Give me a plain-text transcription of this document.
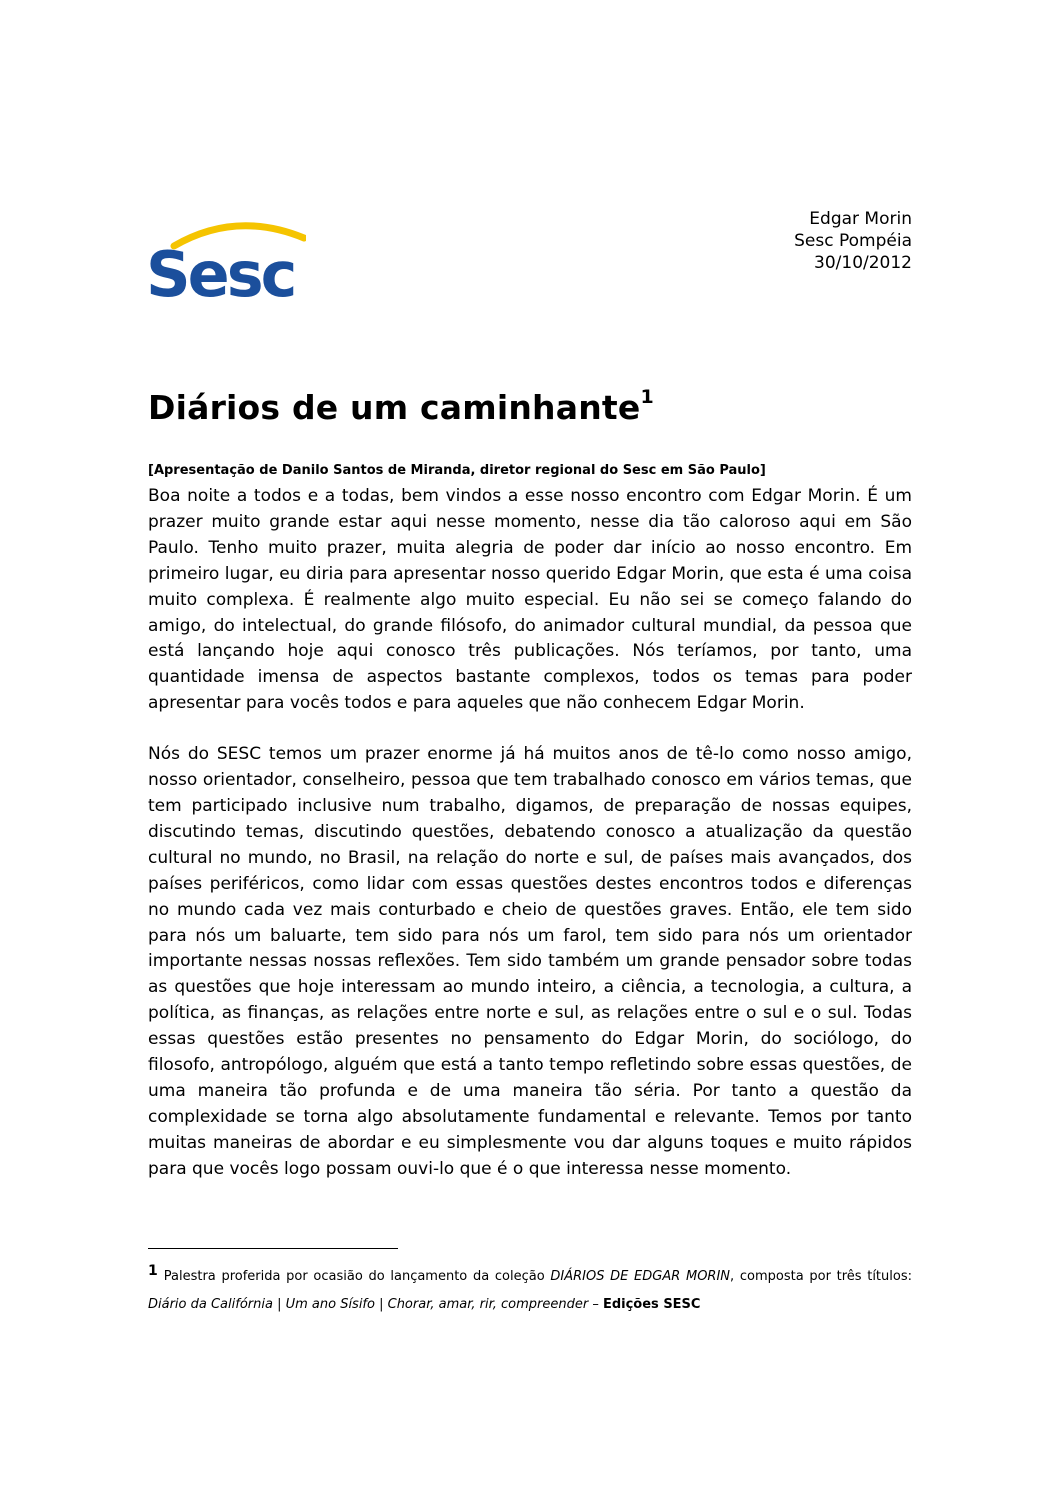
Sesc
Edgar Morin
Sesc Pompéia
30/10/2012
Diários de um caminhante$^1$
[Apresentação de Danilo Santos de Miranda, diretor regional do Sesc em São Paulo]

Boa noite a todos e a todas, bem vindos a esse nosso encontro com Edgar Morin. É um prazer muito grande estar aqui nesse momento, nesse dia tão caloroso aqui em São Paulo. Tenho muito prazer, muita alegria de poder dar início ao nosso encontro. Em primeiro lugar, eu diria para apresentar nosso querido Edgar Morin, que esta é uma coisa muito complexa. É realmente algo muito especial. Eu não sei se começo falando do amigo, do intelectual, do grande filósofo, do animador cultural mundial, da pessoa que está lançando hoje aqui conosco três publicações. Nós teríamos, por tanto, uma quantidade imensa de aspectos bastante complexos, todos os temas para poder apresentar para vocês todos e para aqueles que não conhecem Edgar Morin.

Nós do SESC temos um prazer enorme já há muitos anos de tê-lo como nosso amigo, nosso orientador, conselheiro, pessoa que tem trabalhado conosco em vários temas, que tem participado inclusive num trabalho, digamos, de preparação de nossas equipes, discutindo temas, discutindo questões, debatendo conosco a atualização da questão cultural no mundo, no Brasil, na relação do norte e sul, de países mais avançados, dos países periféricos, como lidar com essas questões destes encontros todos e diferenças no mundo cada vez mais conturbado e cheio de questões graves. Então, ele tem sido para nós um baluarte, tem sido para nós um farol, tem sido para nós um orientador importante nessas nossas reflexões. Tem sido também um grande pensador sobre todas as questões que hoje interessam ao mundo inteiro, a ciência, a tecnologia, a cultura, a política, as finanças, as relações entre norte e sul, as relações entre o sul e o sul. Todas essas questões estão presentes no pensamento do Edgar Morin, do sociólogo, do filosofo, antropólogo, alguém que está a tanto tempo refletindo sobre essas questões, de uma maneira tão profunda e de uma maneira tão séria. Por tanto a questão da complexidade se torna algo absolutamente fundamental e relevante. Temos por tanto muitas maneiras de abordar e eu simplesmente vou dar alguns toques e muito rápidos para que vocês logo possam ouvi-lo que é o que interessa nesse momento.

1 Palestra proferida por ocasião do lançamento da coleção DIÁRIOS DE EDGAR MORIN, composta por três títulos: Diário da Califórnia | Um ano Sísifo | Chorar, amar, rir, compreender – Edições SESC
